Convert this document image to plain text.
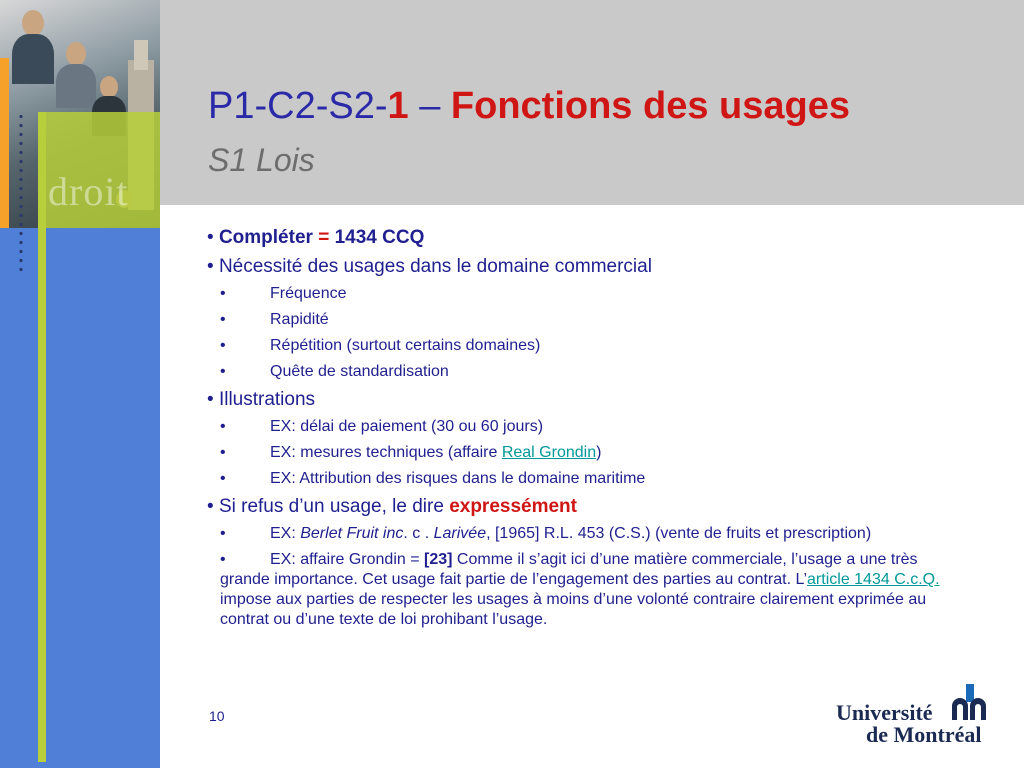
droit
P1-C2-S2-1 – Fonctions des usages
S1 Lois
• Compléter = 1434 CCQ
• Nécessité des usages dans le domaine commercial
•	Fréquence
•	Rapidité
•	Répétition (surtout certains domaines)
•	Quête de standardisation
• Illustrations
•	EX: délai de paiement (30 ou 60 jours)
•	EX: mesures techniques (affaire Real Grondin)
•	EX: Attribution des risques dans le domaine maritime
• Si refus d’un usage, le dire expressément
•	EX: Berlet Fruit inc. c . Larivée, [1965] R.L. 453 (C.S.) (vente de fruits et prescription)
•	EX: affaire Grondin = [23] Comme il s’agit ici d’une matière commerciale, l’usage a une très grande importance. Cet usage fait partie de l’engagement des parties au contrat. L’article 1434 C.c.Q. impose aux parties de respecter les usages à moins d’une volonté contraire clairement exprimée au contrat ou d’une texte de loi prohibant l’usage.
10	Université
de Montréal
